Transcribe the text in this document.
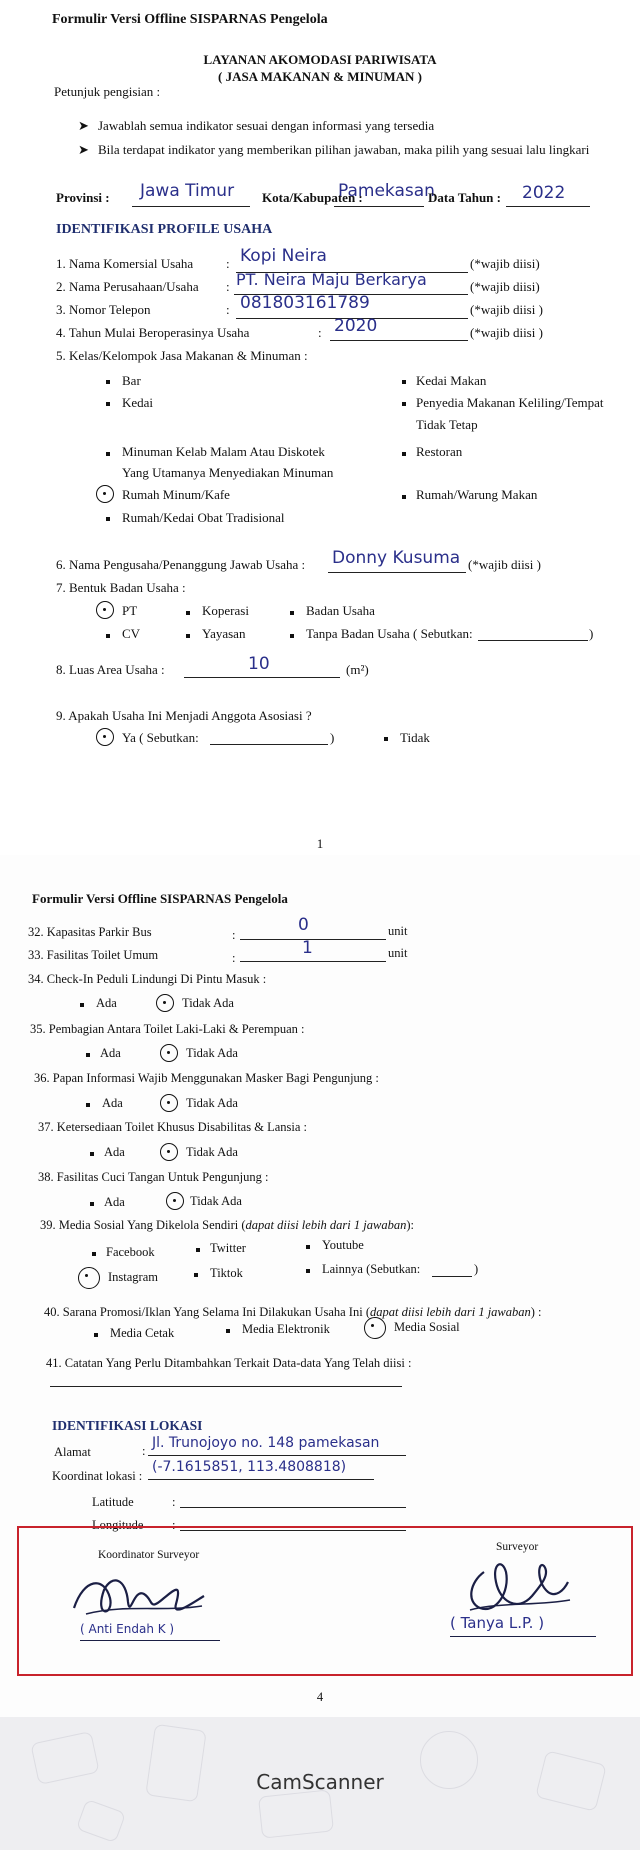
Formulir Versi Offline SISPARNAS Pengelola
LAYANAN AKOMODASI PARIWISATA
( JASA MAKANAN & MINUMAN )
Petunjuk pengisian :
➤ Jawablah semua indikator sesuai dengan informasi yang tersedia
➤ Bila terdapat indikator yang memberikan pilihan jawaban, maka pilih yang sesuai lalu lingkari
Provinsi : Jawa Timur Kota/Kabupaten :
Pamekasan
Data Tahun : 2022
IDENTIFIKASI PROFILE USAHA
1. Nama Komersial Usaha	: Kopi Neira	(*wajib diisi)
2. Nama Perusahaan/Usaha : PT. Neira Maju Berkarya	(*wajib diisi)
3. Nomor Telepon	: 081803161789	(*wajib diisi )
4. Tahun Mulai Beroperasinya Usaha	: 2020	(*wajib diisi )
5. Kelas/Kelompok Jasa Makanan & Minuman :
Bar
Kedai
Minuman Kelab Malam Atau Diskotek
Yang Utamanya Menyediakan Minuman
Rumah Minum/Kafe
Rumah/Kedai Obat Tradisional
Kedai Makan
Penyedia Makanan Keliling/Tempat
Tidak Tetap
Restoran
Rumah/Warung Makan
6. Nama Pengusaha/Penanggung Jawab Usaha : Donny Kusuma (*wajib diisi )
7. Bentuk Badan Usaha :
PT	Koperasi	Badan Usaha
CV	Yayasan	Tanpa Badan Usaha ( Sebutkan:	)
8. Luas Area Usaha :	10	(m²)
9. Apakah Usaha Ini Menjadi Anggota Asosiasi ?
Ya ( Sebutkan:	)	Tidak
1
Formulir Versi Offline SISPARNAS Pengelola
32. Kapasitas Parkir Bus	:	0	unit
33. Fasilitas Toilet Umum	:	1	unit
34. Check-In Peduli Lindungi Di Pintu Masuk :
Ada	Tidak Ada
35. Pembagian Antara Toilet Laki-Laki & Perempuan :
Ada	Tidak Ada
36. Papan Informasi Wajib Menggunakan Masker Bagi Pengunjung :
Ada	Tidak Ada
37. Ketersediaan Toilet Khusus Disabilitas & Lansia :
Ada	Tidak Ada
38. Fasilitas Cuci Tangan Untuk Pengunjung :
Ada	Tidak Ada
39. Media Sosial Yang Dikelola Sendiri (dapat diisi lebih dari 1 jawaban):
Facebook	Twitter	Youtube
Instagram	Tiktok	Lainnya (Sebutkan:	)
40. Sarana Promosi/Iklan Yang Selama Ini Dilakukan Usaha Ini (dapat diisi lebih dari 1 jawaban) :
Media Cetak	Media Elektronik	Media Sosial
41. Catatan Yang Perlu Ditambahkan Terkait Data-data Yang Telah diisi :
IDENTIFIKASI LOKASI
Alamat	: Jl. Trunojoyo no. 148 pamekasan
Koordinat lokasi :
(-7.1615851, 113.4808818)
Latitude	:
Longitude :
4
Koordinator Surveyor
( Anti Endah K )
Surveyor
( Tanya L.P. )
CamScanner
